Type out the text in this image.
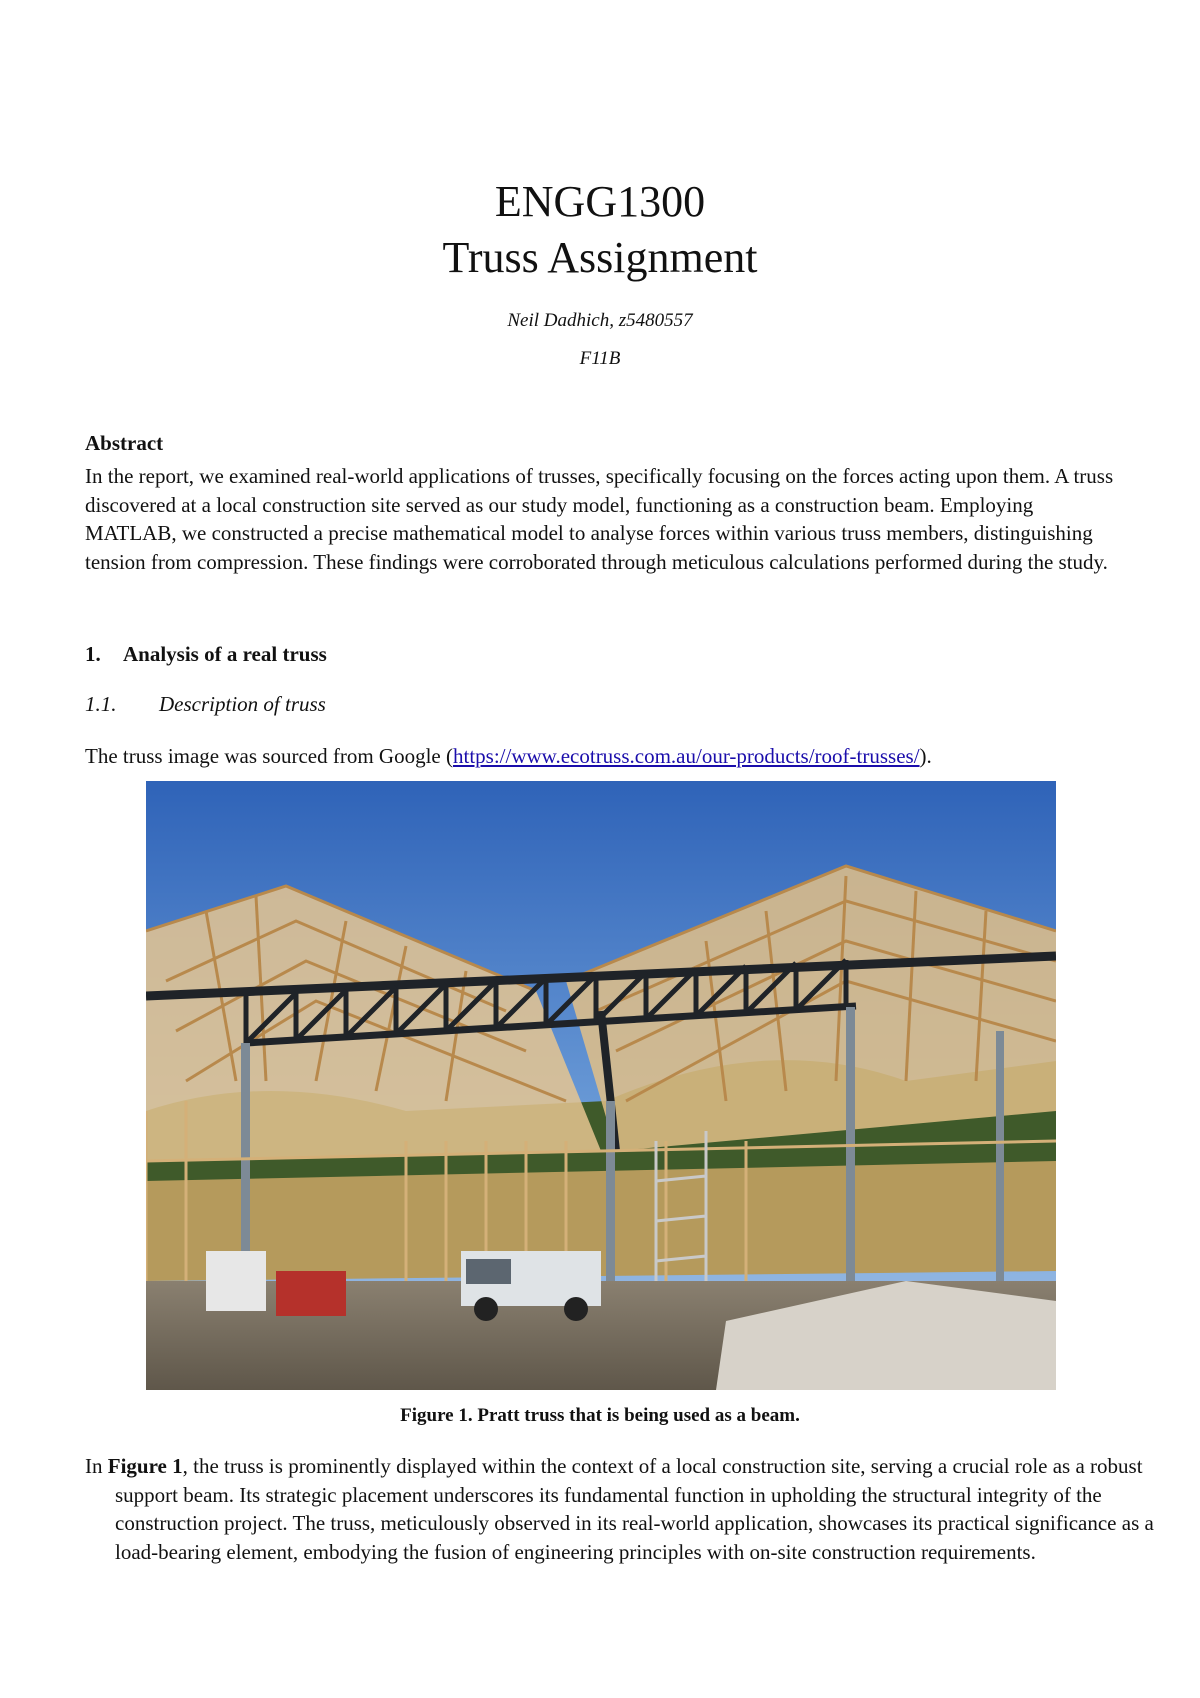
ENGG1300
Truss Assignment
Neil Dadhich, z5480557
F11B
Abstract
In the report, we examined real-world applications of trusses, specifically focusing on the forces acting upon them. A truss discovered at a local construction site served as our study model, functioning as a construction beam. Employing MATLAB, we constructed a precise mathematical model to analyse forces within various truss members, distinguishing tension from compression. These findings were corroborated through meticulous calculations performed during the study.
1. Analysis of a real truss
1.1. Description of truss
The truss image was sourced from Google (https://www.ecotruss.com.au/our-products/roof-trusses/).
Figure 1. Pratt truss that is being used as a beam.
In Figure 1, the truss is prominently displayed within the context of a local construction site, serving a crucial role as a robust support beam. Its strategic placement underscores its fundamental function in upholding the structural integrity of the construction project. The truss, meticulously observed in its real-world application, showcases its practical significance as a load-bearing element, embodying the fusion of engineering principles with on-site construction requirements.
